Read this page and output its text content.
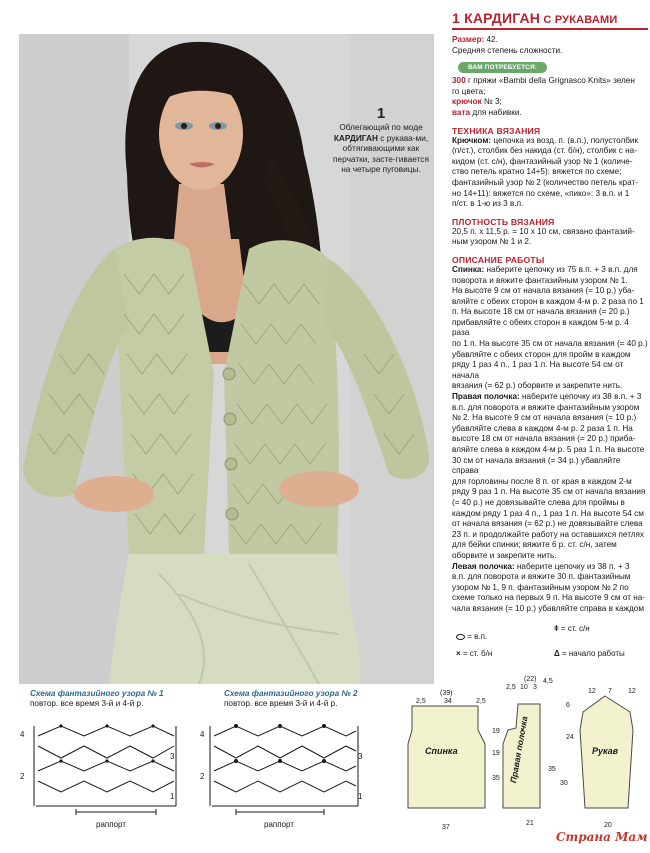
1
Облегающий по моде КАРДИГАН с рукава-ми, обтягивающими как перчатки, засте-гивается на четыре пуговицы.
1 КАРДИГАН С РУКАВАМИ
Размер: 42.
Средняя степень сложности.
ВАМ ПОТРЕБУЕТСЯ:
300 г пряжи «Bambi della Grignasco Knits» зелен
го цвета;
крючок № 3;
вата для набивки.
ТЕХНИКА ВЯЗАНИЯ
Крючком: цепочка из возд. п. (в.п.), полустолбик
(п/ст.), столбик без накида (ст. б/н), столбик с на-
кидом (ст. с/н), фантазийный узор № 1 (количе-
ство петель кратно 14+5): вяжется по схеме;
фантазийный узор № 2 (количество петель крат-
но 14+11): вяжется по схеме, «пико»: 3 в.п. и 1
п/ст. в 1-ю из 3 в.п.
ПЛОТНОСТЬ ВЯЗАНИЯ
20,5 п. х 11,5 р. = 10 х 10 см, связано фантазий-
ным узором № 1 и 2.
ОПИСАНИЕ РАБОТЫ
Спинка: наберите цепочку из 75 в.п. + 3 в.п. для
поворота и вяжите фантазийным узором № 1.
На высоте 9 см от начала вязания (= 10 р.) уба-
вляйте с обеих сторон в каждом 4-м р. 2 раза по 1
п. На высоте 18 см от начала вязания (= 20 р.)
прибавляйте с обеих сторон в каждом 5-м р. 4 раза
по 1 п. На высоте 35 см от начала вязания (= 40 р.)
убавляйте с обеих сторон для пройм в каждом
ряду 1 раз 4 п., 1 раз 1 п. На высоте 54 см от начала
вязания (= 62 р.) оборвите и закрепите нить.
Правая полочка: наберите цепочку из 38 в.п. + 3
в.п. для поворота и вяжите фантазийным узором
№ 2. На высоте 9 см от начала вязания (= 10 р.)
убавляйте слева в каждом 4-м р. 2 раза 1 п. На
высоте 18 см от начала вязания (= 20 р.) приба-
вляйте слева в каждом 4-м р. 5 раз 1 п. На высоте
30 см от начала вязания (= 34 р.) убавляйте справа
для горловины после 8 п. от края в каждом 2-м
ряду 9 раз 1 п. На высоте 35 см от начала вязания
(= 40 р.) не довязывайте слева для проймы в
каждом ряду 1 раз 4 п., 1 раз 1 п. На высоте 54 см
от начала вязания (= 62 р.) не довязывайте слева
23 п. и продолжайте работу на оставшихся петлях
для бейки спинки; вяжите 6 р. ст. с/н, затем
оборвите и закрепите нить.
Левая полочка: наберите цепочку из 38 п. + 3
в.п. для поворота и вяжите 30 п. фантазийным
узором № 1, 9 п. фантазийным узором № 2 по
схеме только на первых 9 п. На высоте 9 см от на-
чала вязания (= 10 р.) убавляйте справа в каждом
= в.п.
× = ст. б/н
ǂ = ст. с/н
Δ = начало работы
Схема фантазийного узора № 1
повтор. все время 3-й и 4-й р.
4
3
2
1
раппорт
Схема фантазийного узора № 2
повтор. все время 3-й и 4-й р.
4
3
2
1
раппорт
Спинка	Правая полочка	Рукав
(39)
2,5	34	2,5
19
35
37
(22)
2,5 10 3
4,5
19
35
21
12 7 12
6
24
30
20
Страна Мам
